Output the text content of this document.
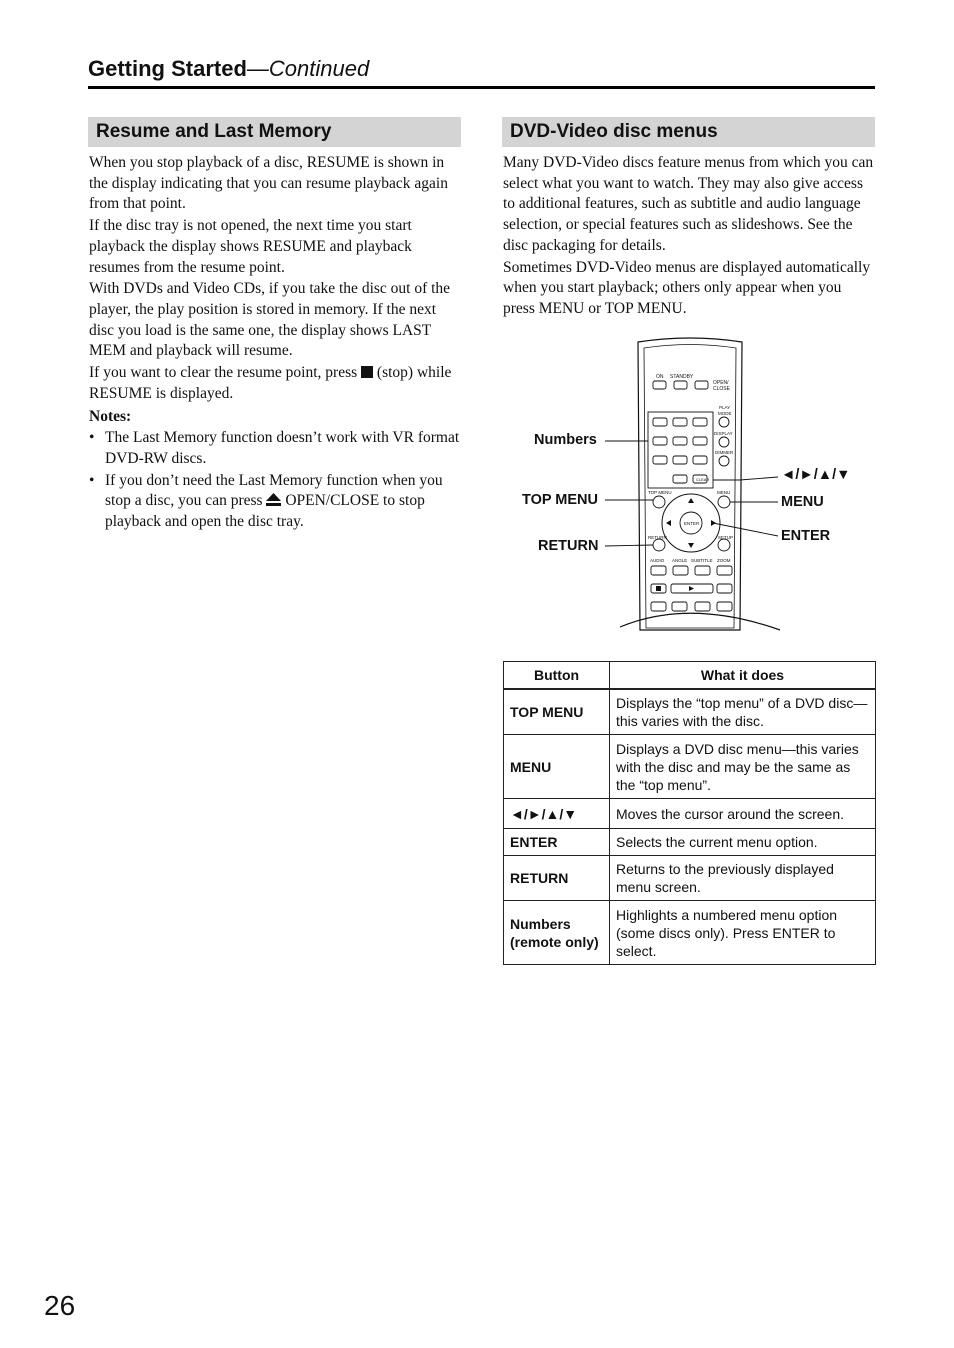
Getting Started—Continued
Resume and Last Memory

When you stop playback of a disc, RESUME is shown in the display indicating that you can resume playback again from that point.

If the disc tray is not opened, the next time you start playback the display shows RESUME and playback resumes from the resume point.

With DVDs and Video CDs, if you take the disc out of the player, the play position is stored in memory. If the next disc you load is the same one, the display shows LAST MEM and playback will resume.

If you want to clear the resume point, press (stop) while RESUME is displayed.

Notes:
• The Last Memory function doesn’t work with VR format DVD-RW discs.
• If you don’t need the Last Memory function when you stop a disc, you can press OPEN/CLOSE to stop playback and open the disc tray.
DVD-Video disc menus

Many DVD-Video discs feature menus from which you can select what you want to watch. They may also give access to additional features, such as subtitle and audio language selection, or special features such as slideshows. See the disc packaging for details.

Sometimes DVD-Video menus are displayed automatically when you start playback; others only appear when you press MENU or TOP MENU.

ON STANDBY
OPEN/
CLOSE
CLEAR
PLAY
MODE
DISPLAY
DIMMER
TOP MENU	MENU
ENTER
RETURN	SETUP
AUDIO ANGLE SUBTITLE ZOOM
Numbers
TOP MENU
RETURN
◄/►/▲/▼
MENU
ENTER
Button	What it does
TOP MENU	Displays the “top menu” of a DVD disc—this varies with the disc.
MENU	Displays a DVD disc menu—this varies with the disc and may be the same as the “top menu”.
◄/►/▲/▼	Moves the cursor around the screen.
ENTER	Selects the current menu option.
RETURN	Returns to the previously displayed menu screen.
Numbers (remote only)	Highlights a numbered menu option (some discs only). Press ENTER to select.
26
